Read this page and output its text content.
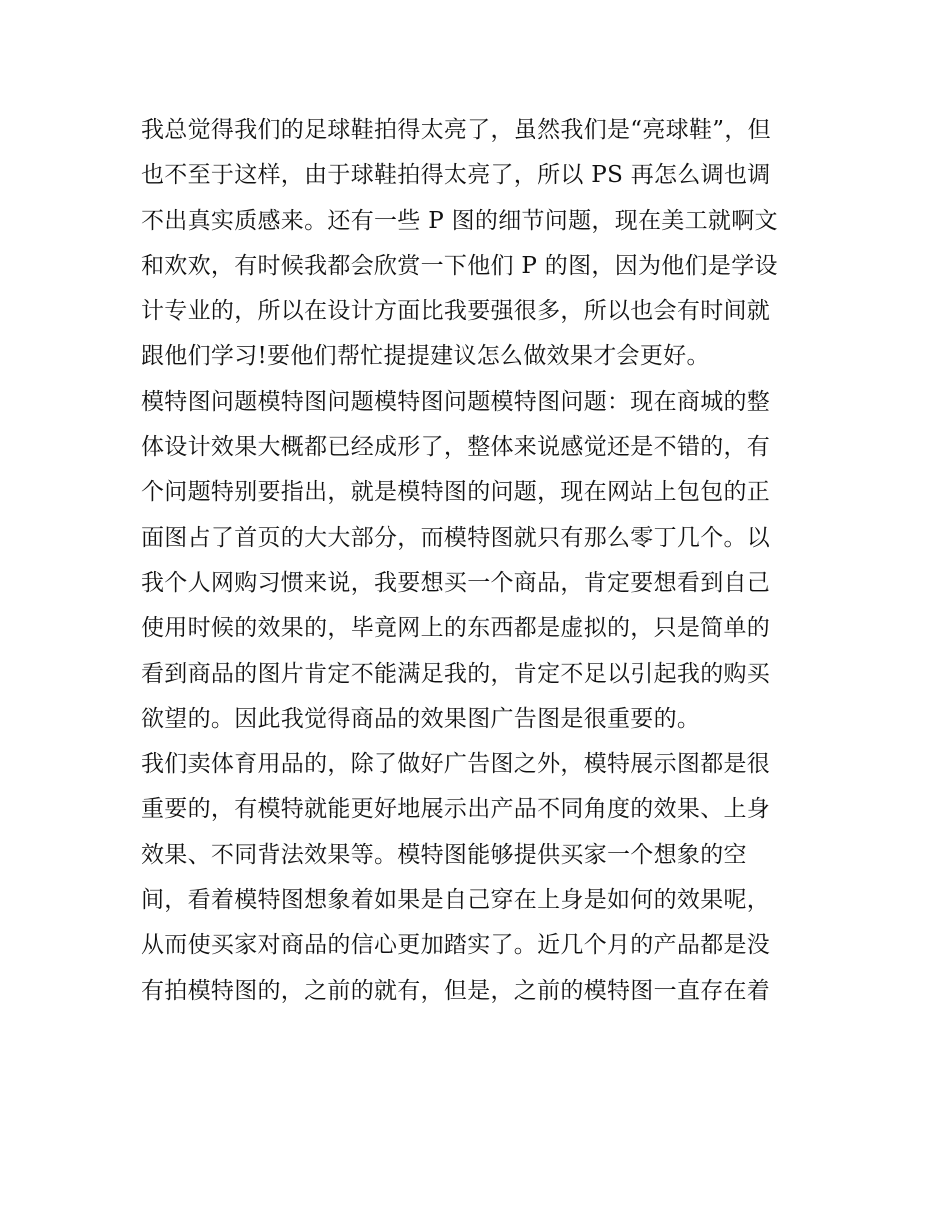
我总觉得我们的足球鞋拍得太亮了，虽然我们是“亮球鞋”，但
也不至于这样，由于球鞋拍得太亮了，所以 PS 再怎么调也调
不出真实质感来。还有一些 P 图的细节问题，现在美工就啊文
和欢欢，有时候我都会欣赏一下他们 P 的图，因为他们是学设
计专业的，所以在设计方面比我要强很多，所以也会有时间就
跟他们学习!要他们帮忙提提建议怎么做效果才会更好。
模特图问题模特图问题模特图问题模特图问题：现在商城的整
体设计效果大概都已经成形了，整体来说感觉还是不错的，有
个问题特别要指出，就是模特图的问题，现在网站上包包的正
面图占了首页的大大部分，而模特图就只有那么零丁几个。以
我个人网购习惯来说，我要想买一个商品，肯定要想看到自己
使用时候的效果的，毕竟网上的东西都是虚拟的，只是简单的
看到商品的图片肯定不能满足我的，肯定不足以引起我的购买
欲望的。因此我觉得商品的效果图广告图是很重要的。
我们卖体育用品的，除了做好广告图之外，模特展示图都是很
重要的，有模特就能更好地展示出产品不同角度的效果、上身
效果、不同背法效果等。模特图能够提供买家一个想象的空
间，看着模特图想象着如果是自己穿在上身是如何的效果呢，
从而使买家对商品的信心更加踏实了。近几个月的产品都是没
有拍模特图的，之前的就有，但是，之前的模特图一直存在着
